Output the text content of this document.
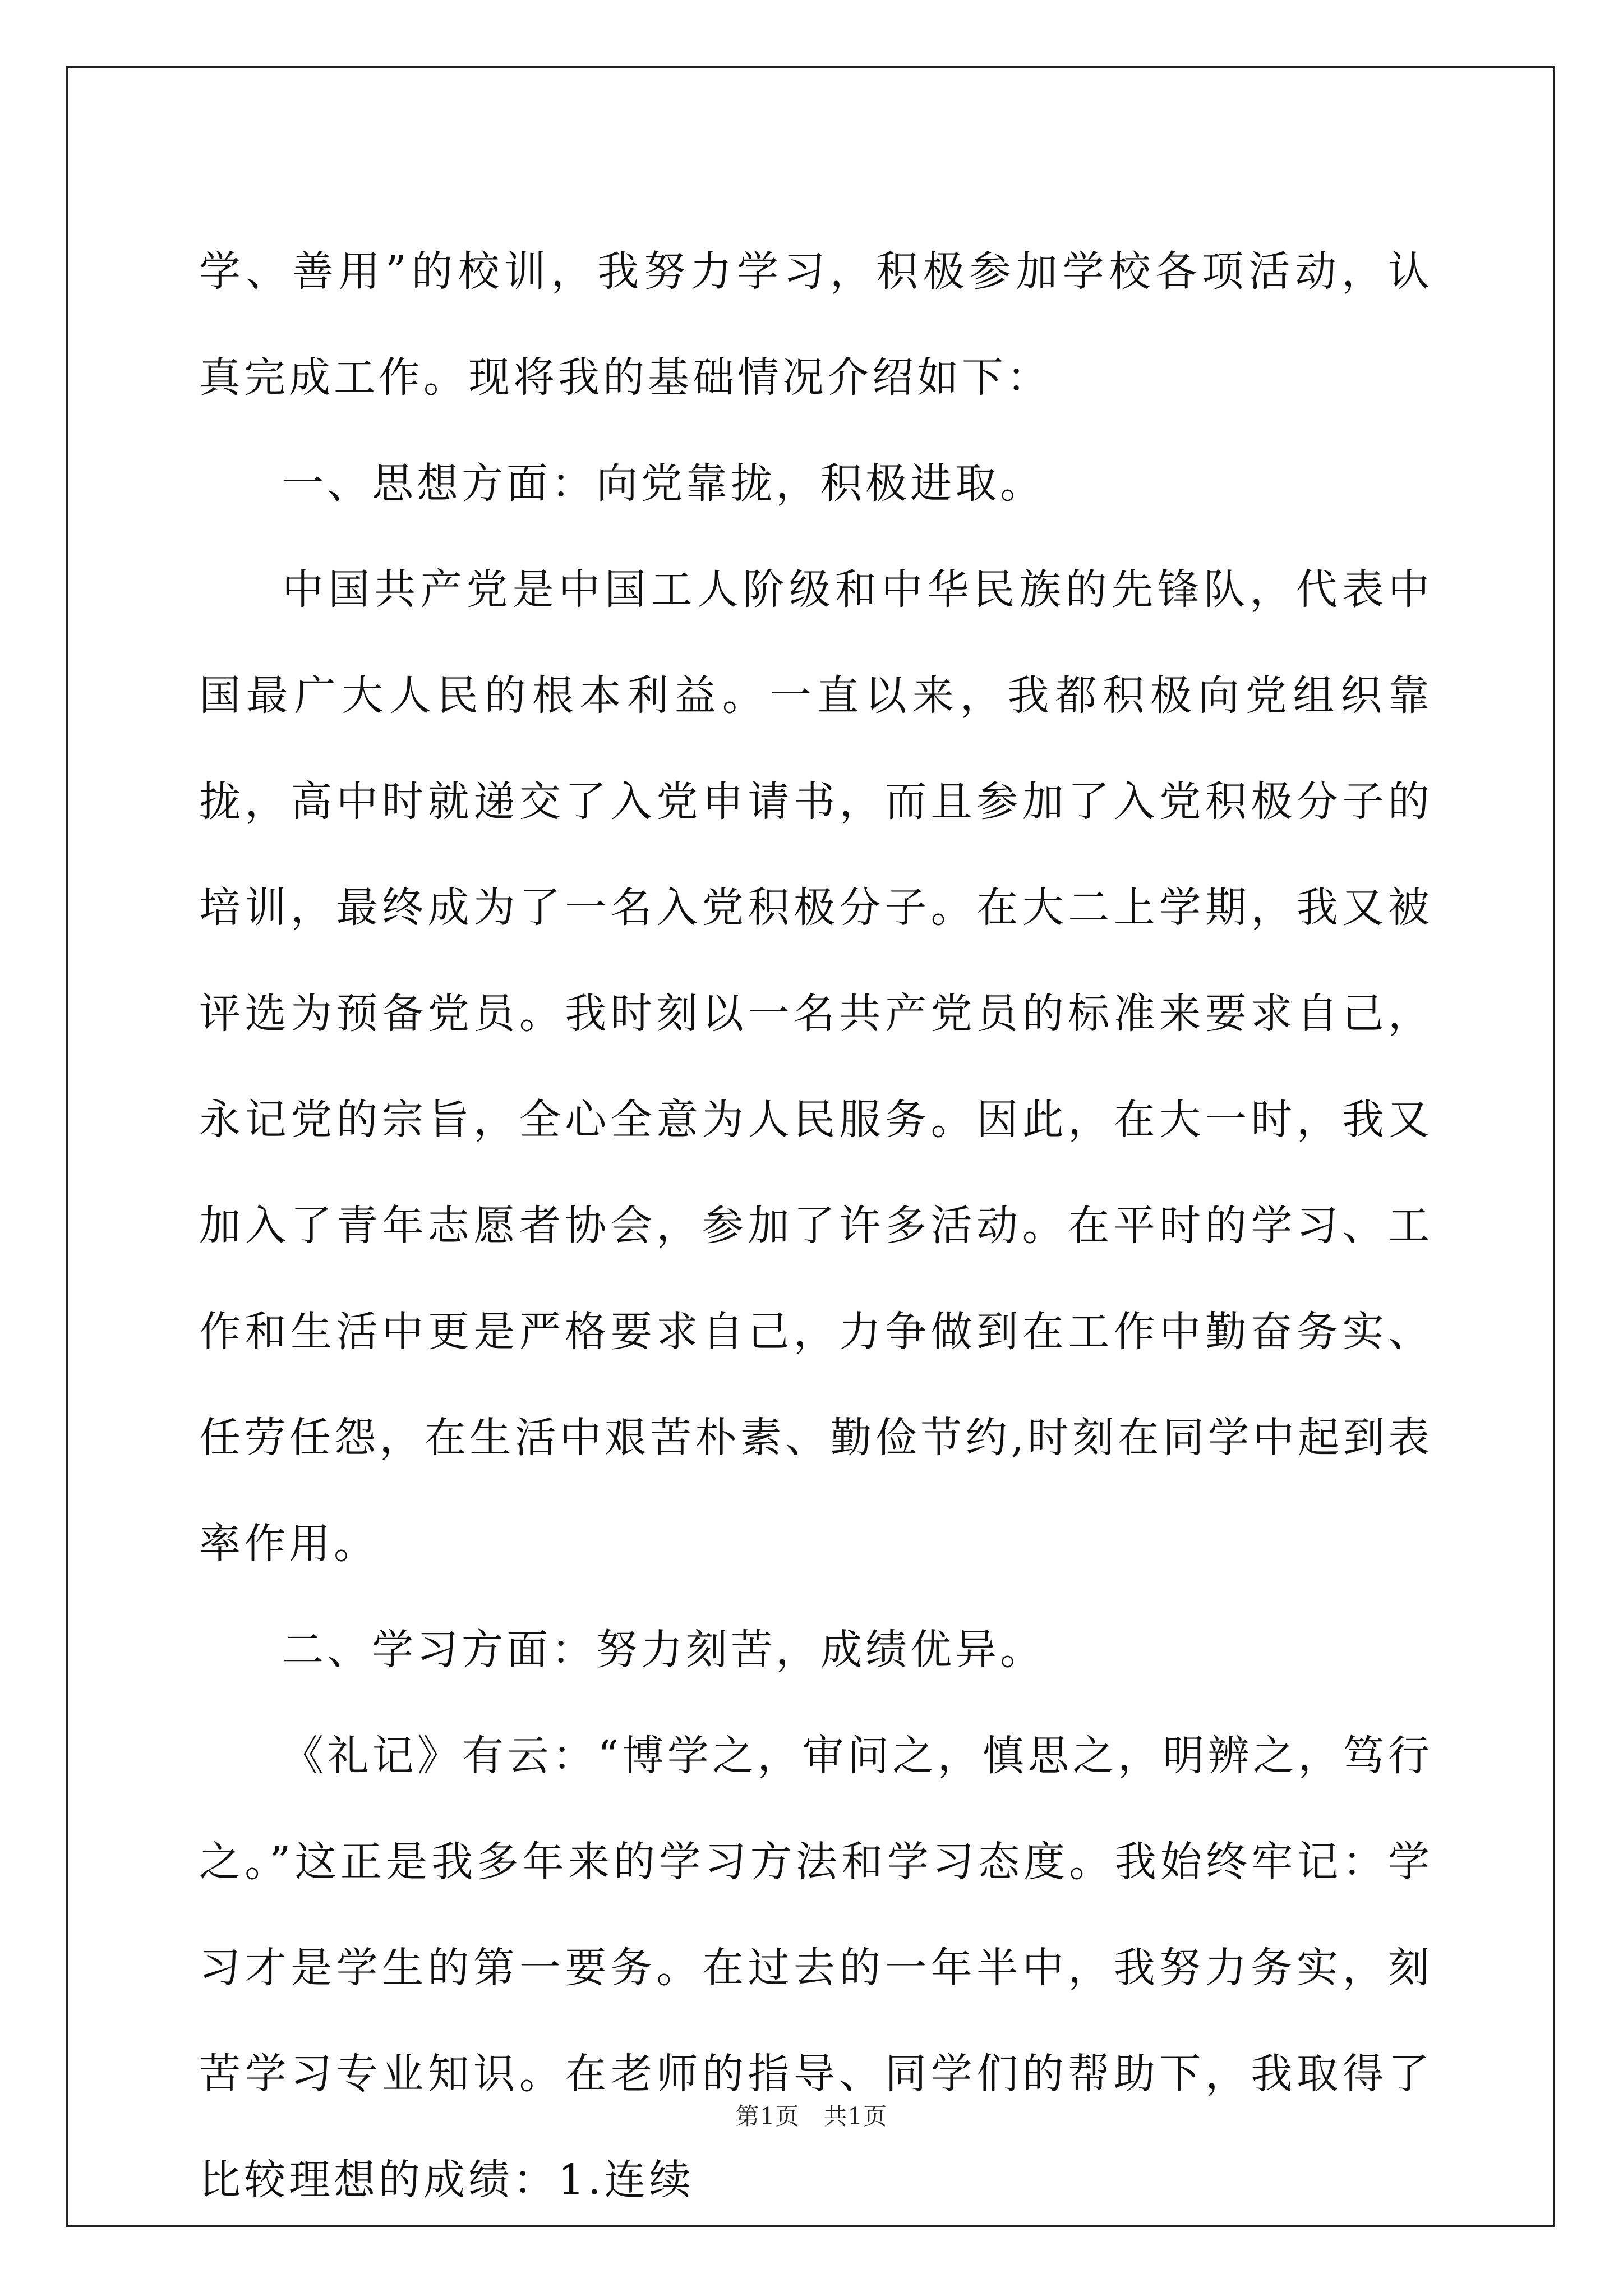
学、善用”的校训，我努力学习，积极参加学校各项活动，认真完成工作。现将我的基础情况介绍如下：

一、思想方面：向党靠拢，积极进取。

中国共产党是中国工人阶级和中华民族的先锋队，代表中国最广大人民的根本利益。一直以来，我都积极向党组织靠拢，高中时就递交了入党申请书，而且参加了入党积极分子的培训，最终成为了一名入党积极分子。在大二上学期，我又被评选为预备党员。我时刻以一名共产党员的标准来要求自己，永记党的宗旨，全心全意为人民服务。因此，在大一时，我又加入了青年志愿者协会，参加了许多活动。在平时的学习、工作和生活中更是严格要求自己，力争做到在工作中勤奋务实、任劳任怨，在生活中艰苦朴素、勤俭节约,时刻在同学中起到表率作用。

二、学习方面：努力刻苦，成绩优异。

《礼记》有云：“博学之，审问之，慎思之，明辨之，笃行之。”这正是我多年来的学习方法和学习态度。我始终牢记：学习才是学生的第一要务。在过去的一年半中，我努力务实，刻苦学习专业知识。在老师的指导、同学们的帮助下，我取得了比较理想的成绩：1.连续

第1页　共1页
